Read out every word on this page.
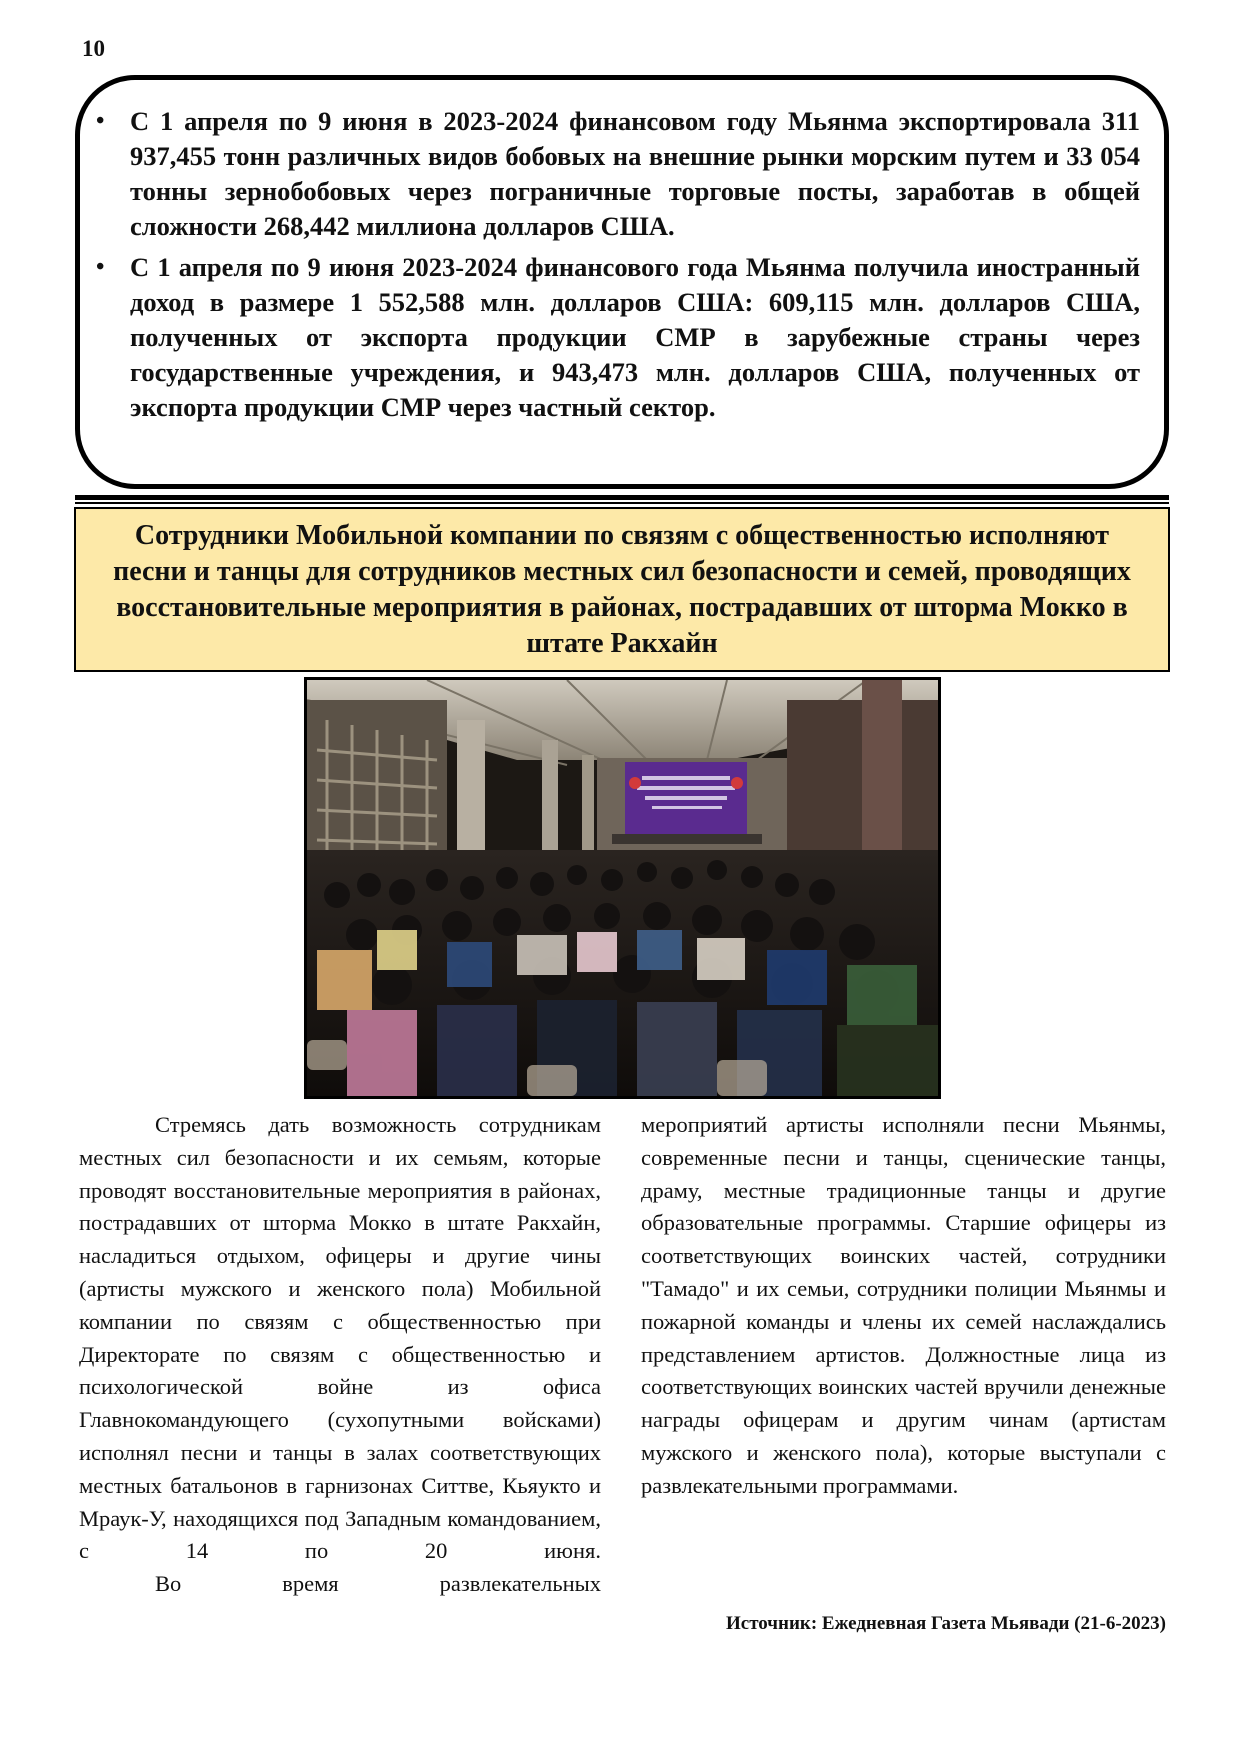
10
• С 1 апреля по 9 июня в 2023-2024 финансовом году Мьянма экспортировала 311 937,455 тонн различных видов бобовых на внешние рынки морским путем и 33 054 тонны зернобобовых через пограничные торговые посты, заработав в общей сложности 268,442 миллиона долларов США.
• С 1 апреля по 9 июня 2023-2024 финансового года Мьянма получила иностранный доход в размере 1 552,588 млн. долларов США: 609,115 млн. долларов США, полученных от экспорта продукции СМР в зарубежные страны через государственные учреждения, и 943,473 млн. долларов США, полученных от экспорта продукции СМР через частный сектор.
Сотрудники Мобильной компании по связям с общественностью исполняют песни и танцы для сотрудников местных сил безопасности и семей, проводящих восстановительные мероприятия в районах, пострадавших от шторма Мокко в штате Ракхайн

Стремясь дать возможность сотрудникам местных сил безопасности и их семьям, которые проводят восстановительные мероприятия в районах, пострадавших от шторма Мокко в штате Ракхайн, насладиться отдыхом, офицеры и другие чины (артисты мужского и женского пола) Мобильной компании по связям с общественностью при Директорате по связям с общественностью и психологической войне из офиса Главнокомандующего (сухопутными войсками) исполнял песни и танцы в залах соответствующих местных батальонов в гарнизонах Ситтве, Кьяукто и Мраук-У, находящихся под Западным командованием, с 14 по 20 июня.

Во время развлекательных

мероприятий артисты исполняли песни Мьянмы, современные песни и танцы, сценические танцы, драму, местные традиционные танцы и другие образовательные программы. Старшие офицеры из соответствующих воинских частей, сотрудники "Тамадо" и их семьи, сотрудники полиции Мьянмы и пожарной команды и члены их семей наслаждались представлением артистов. Должностные лица из соответствующих воинских частей вручили денежные награды офицерам и другим чинам (артистам мужского и женского пола), которые выступали с развлекательными программами.

Источник: Ежедневная Газета Мьявади (21-6-2023)
